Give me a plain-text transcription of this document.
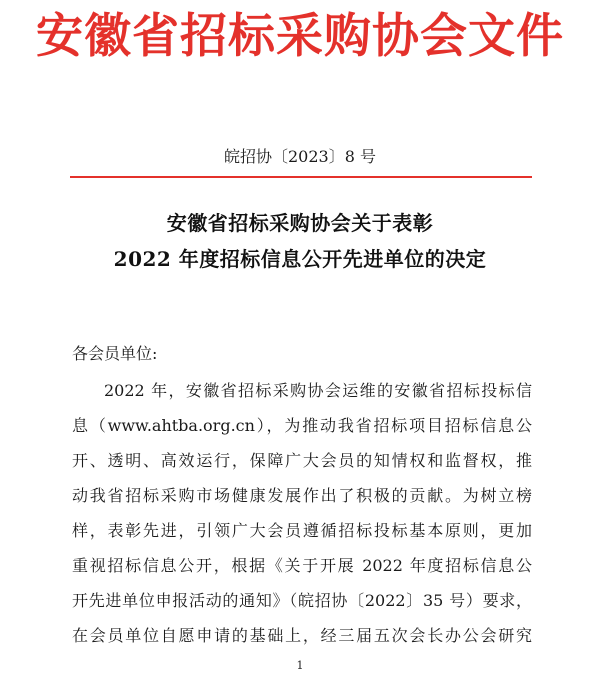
安徽省招标采购协会文件
皖招协〔2023〕8 号
安徽省招标采购协会关于表彰
2022 年度招标信息公开先进单位的决定
各会员单位:
2022 年，安徽省招标采购协会运维的安徽省招标投标信
息（www.ahtba.org.cn），为推动我省招标项目招标信息公
开、透明、高效运行，保障广大会员的知情权和监督权，推
动我省招标采购市场健康发展作出了积极的贡献。为树立榜
样，表彰先进，引领广大会员遵循招标投标基本原则，更加
重视招标信息公开，根据《关于开展 2022 年度招标信息公
开先进单位申报活动的通知》（皖招协〔2022〕35 号）要求，
在会员单位自愿申请的基础上，经三届五次会长办公会研究
1
